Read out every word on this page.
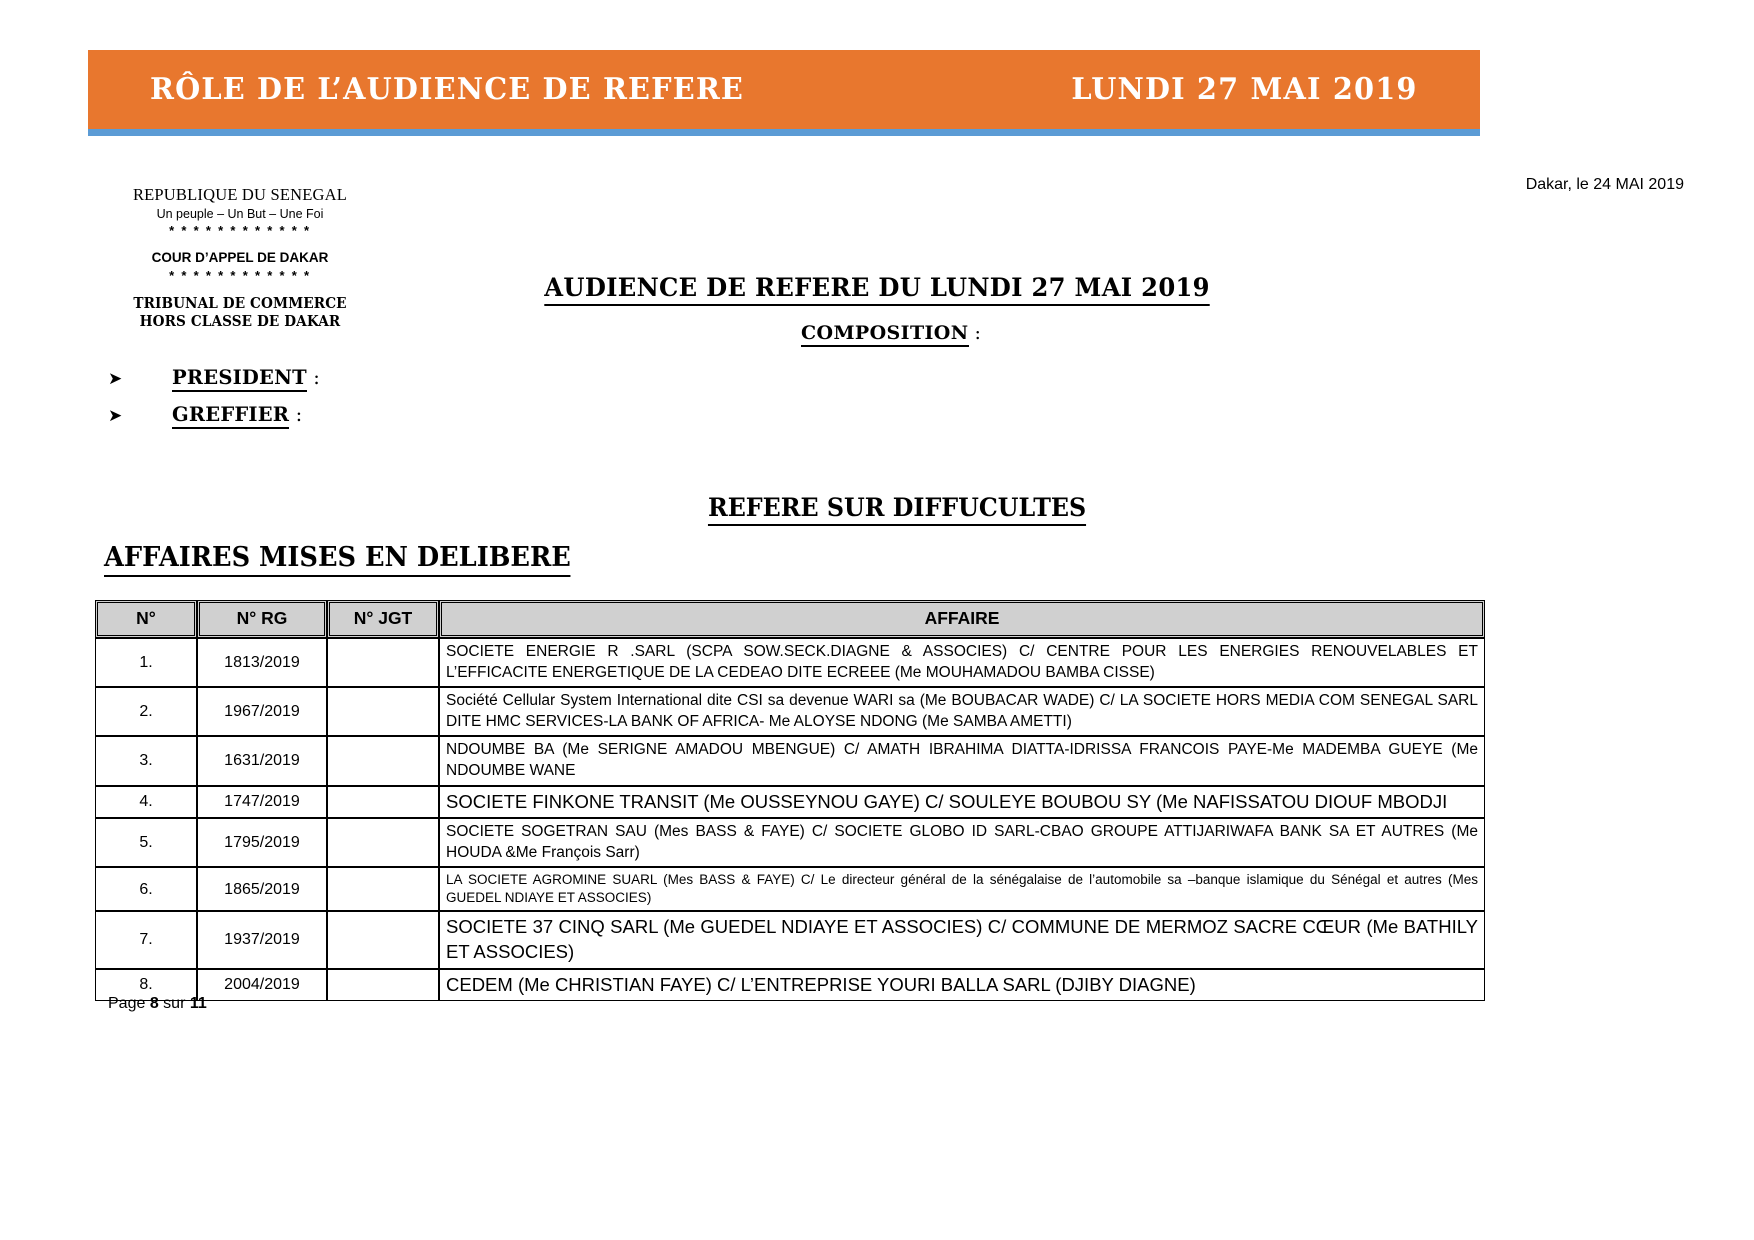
RÔLE DE L’AUDIENCE DE REFERE	LUNDI 27 MAI 2019
REPUBLIQUE DU SENEGAL
Un peuple – Un But – Une Foi
* * * * * * * * * * * *
COUR D’APPEL DE DAKAR
* * * * * * * * * * * *
TRIBUNAL DE COMMERCE
HORS CLASSE DE DAKAR
Dakar, le 24 MAI 2019
AUDIENCE DE REFERE DU LUNDI 27 MAI 2019
COMPOSITION :
➤	PRESIDENT :
➤	GREFFIER :
REFERE SUR DIFFUCULTES
AFFAIRES MISES EN DELIBERE
N°	N° RG	N° JGT	AFFAIRE
1.	1813/2019		SOCIETE ENERGIE R .SARL (SCPA SOW.SECK.DIAGNE & ASSOCIES) C/ CENTRE POUR LES ENERGIES RENOUVELABLES ET L’EFFICACITE ENERGETIQUE DE LA CEDEAO DITE ECREEE (Me MOUHAMADOU BAMBA CISSE)
2.	1967/2019		Société Cellular System International dite CSI sa devenue WARI sa (Me BOUBACAR WADE) C/ LA SOCIETE HORS MEDIA COM SENEGAL SARL DITE HMC SERVICES-LA BANK OF AFRICA- Me ALOYSE NDONG (Me SAMBA AMETTI)
3.	1631/2019		NDOUMBE BA (Me SERIGNE AMADOU MBENGUE) C/ AMATH IBRAHIMA DIATTA-IDRISSA FRANCOIS PAYE-Me MADEMBA GUEYE (Me NDOUMBE WANE
4.	1747/2019		SOCIETE FINKONE TRANSIT (Me OUSSEYNOU GAYE) C/ SOULEYE BOUBOU SY (Me NAFISSATOU DIOUF MBODJI
5.	1795/2019		SOCIETE SOGETRAN SAU (Mes BASS & FAYE) C/ SOCIETE GLOBO ID SARL-CBAO GROUPE ATTIJARIWAFA BANK SA ET AUTRES (Me HOUDA &Me François Sarr)
6.	1865/2019		LA SOCIETE AGROMINE SUARL (Mes BASS & FAYE) C/ Le directeur général de la sénégalaise de l’automobile sa –banque islamique du Sénégal et autres (Mes GUEDEL NDIAYE ET ASSOCIES)
7.	1937/2019		SOCIETE 37 CINQ SARL (Me GUEDEL NDIAYE ET ASSOCIES) C/ COMMUNE DE MERMOZ SACRE CŒUR (Me BATHILY ET ASSOCIES)
8.	2004/2019		CEDEM (Me CHRISTIAN FAYE) C/ L’ENTREPRISE YOURI BALLA SARL (DJIBY DIAGNE)
Page 8 sur 11
